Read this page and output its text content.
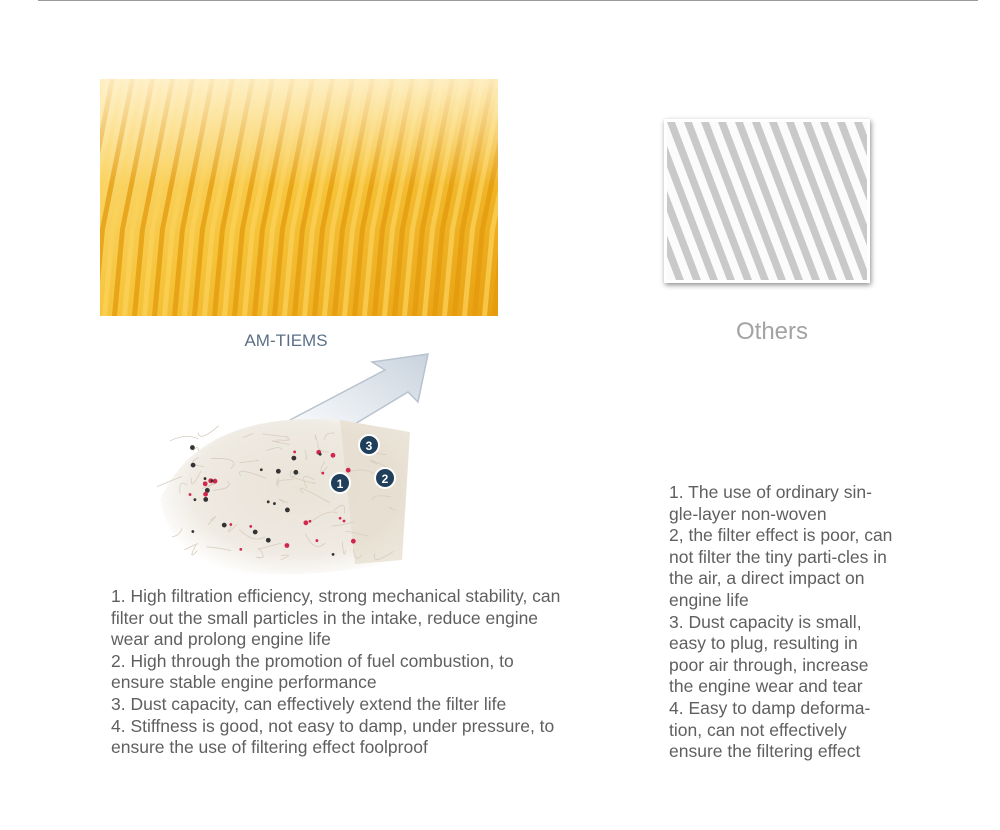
AM-TIEMS
3
2
1

1. High filtration efficiency, strong mechanical stability, can filter out the small particles in the intake, reduce engine wear and prolong engine life

2. High through the promotion of fuel combustion, to ensure stable engine performance

3. Dust capacity, can effectively extend the filter life

4. Stiffness is good, not easy to damp, under pressure, to ensure the use of filtering effect foolproof

Others

1. The use of ordinary sin-gle-layer non-woven

2, the filter effect is poor, can not filter the tiny parti-cles in the air, a direct impact on engine life

3. Dust capacity is small, easy to plug, resulting in poor air through, increase the engine wear and tear

4. Easy to damp deforma-tion, can not effectively ensure the filtering effect
